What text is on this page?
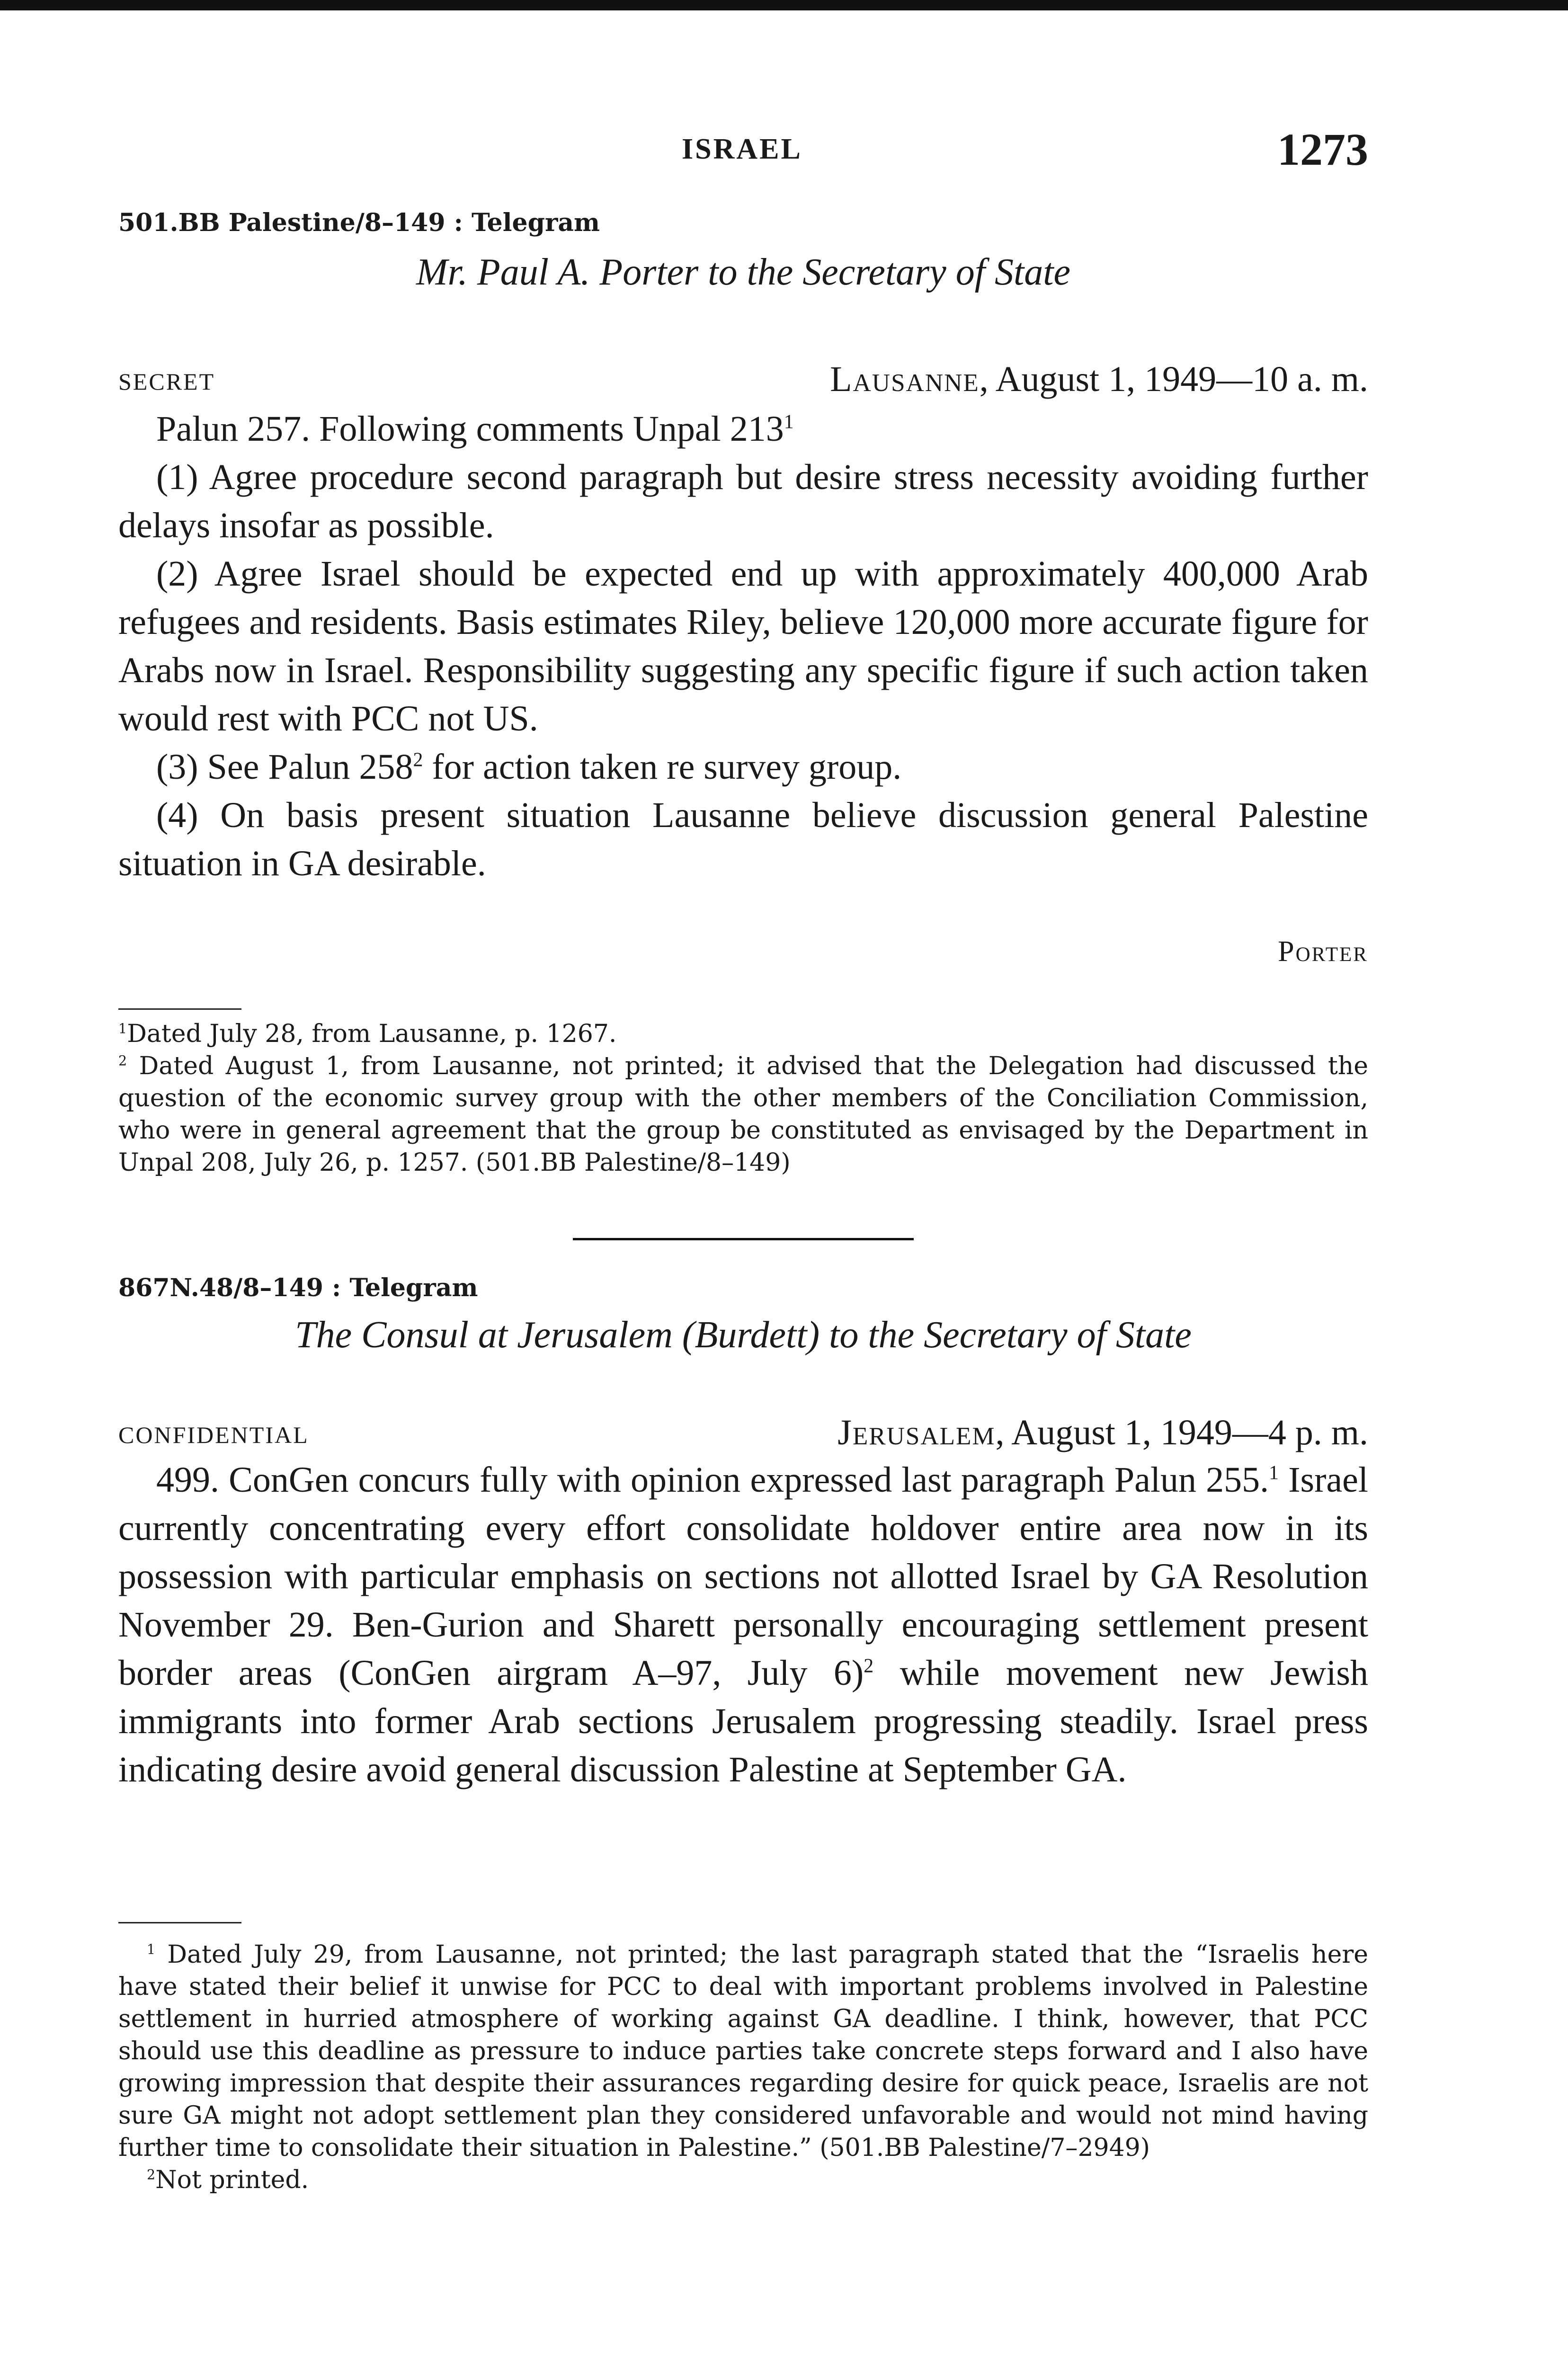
ISRAEL	1273
501.BB Palestine/8–149 : Telegram
Mr. Paul A. Porter to the Secretary of State
SECRET	Lausanne, August 1, 1949—10 a. m.

Palun 257. Following comments Unpal $213^1$

(1) Agree procedure second paragraph but desire stress necessity avoiding further delays insofar as possible.

(2) Agree Israel should be expected end up with approximately 400,000 Arab refugees and residents. Basis estimates Riley, believe 120,000 more accurate figure for Arabs now in Israel. Responsibility suggesting any specific figure if such action taken would rest with PCC not US.

(3) See Palun $258^2$ for action taken re survey group.

(4) On basis present situation Lausanne believe discussion general Palestine situation in GA desirable.

Porter

$^1$Dated July 28, from Lausanne, p. 1267.

$^2$ Dated August 1, from Lausanne, not printed; it advised that the Delegation had discussed the question of the economic survey group with the other members of the Conciliation Commission, who were in general agreement that the group be constituted as envisaged by the Department in Unpal 208, July 26, p. 1257. (501.BB Palestine/8–149)

867N.48/8–149 : Telegram
The Consul at Jerusalem (Burdett) to the Secretary of State
CONFIDENTIAL	Jerusalem, August 1, 1949—4 p. m.

499. ConGen concurs fully with opinion expressed last paragraph Palun 255.$^1$ Israel currently concentrating every effort consolidate holdover entire area now in its possession with particular emphasis on sections not allotted Israel by GA Resolution November 29. Ben-Gurion and Sharett personally encouraging settlement present border areas (ConGen airgram A–97, July 6)$^2$ while movement new Jewish immigrants into former Arab sections Jerusalem progressing steadily. Israel press indicating desire avoid general discussion Palestine at September GA.

$^1$ Dated July 29, from Lausanne, not printed; the last paragraph stated that the “Israelis here have stated their belief it unwise for PCC to deal with important problems involved in Palestine settlement in hurried atmosphere of working against GA deadline. I think, however, that PCC should use this deadline as pressure to induce parties take concrete steps forward and I also have growing impression that despite their assurances regarding desire for quick peace, Israelis are not sure GA might not adopt settlement plan they considered unfavorable and would not mind having further time to consolidate their situation in Palestine.” (501.BB Palestine/7–2949)

$^2$Not printed.
